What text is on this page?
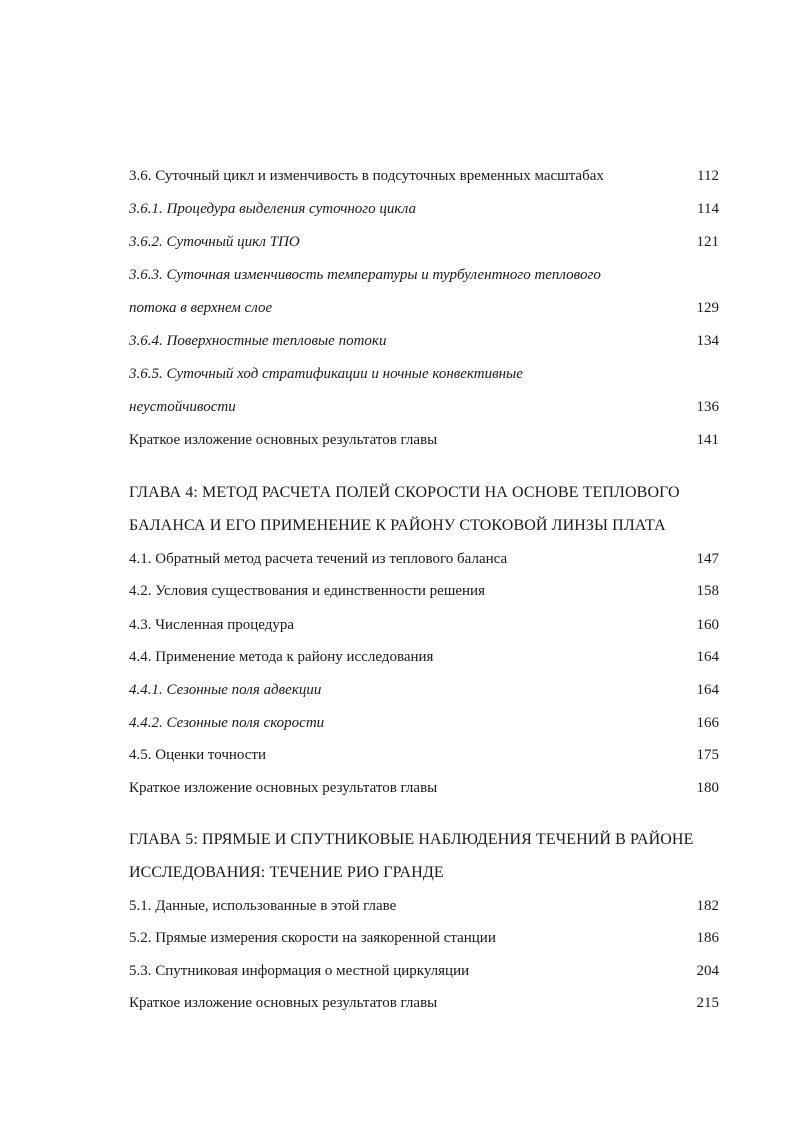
3.6. Суточный цикл и изменчивость в подсуточных временных масштабах	112
3.6.1. Процедура выделения суточного цикла	114
3.6.2. Суточный цикл ТПО	121
3.6.3. Суточная изменчивость температуры и турбулентного теплового
потока в верхнем слое	129
3.6.4. Поверхностные тепловые потоки	134
3.6.5. Суточный ход стратификации и ночные конвективные
неустойчивости	136
Краткое изложение основных результатов главы	141
ГЛАВА 4: МЕТОД РАСЧЕТА ПОЛЕЙ СКОРОСТИ НА ОСНОВЕ ТЕПЛОВОГО
БАЛАНСА И ЕГО ПРИМЕНЕНИЕ К РАЙОНУ СТОКОВОЙ ЛИНЗЫ ПЛАТА
4.1. Обратный метод расчета течений из теплового баланса	147
4.2. Условия существования и единственности решения	158
4.3. Численная процедура	160
4.4. Применение метода к району исследования	164
4.4.1. Сезонные поля адвекции	164
4.4.2. Сезонные поля скорости	166
4.5. Оценки точности	175
Краткое изложение основных результатов главы	180
ГЛАВА 5: ПРЯМЫЕ И СПУТНИКОВЫЕ НАБЛЮДЕНИЯ ТЕЧЕНИЙ В РАЙОНЕ
ИССЛЕДОВАНИЯ: ТЕЧЕНИЕ РИО ГРАНДЕ
5.1. Данные, использованные в этой главе	182
5.2. Прямые измерения скорости на заякоренной станции	186
5.3. Спутниковая информация о местной циркуляции	204
Краткое изложение основных результатов главы	215
